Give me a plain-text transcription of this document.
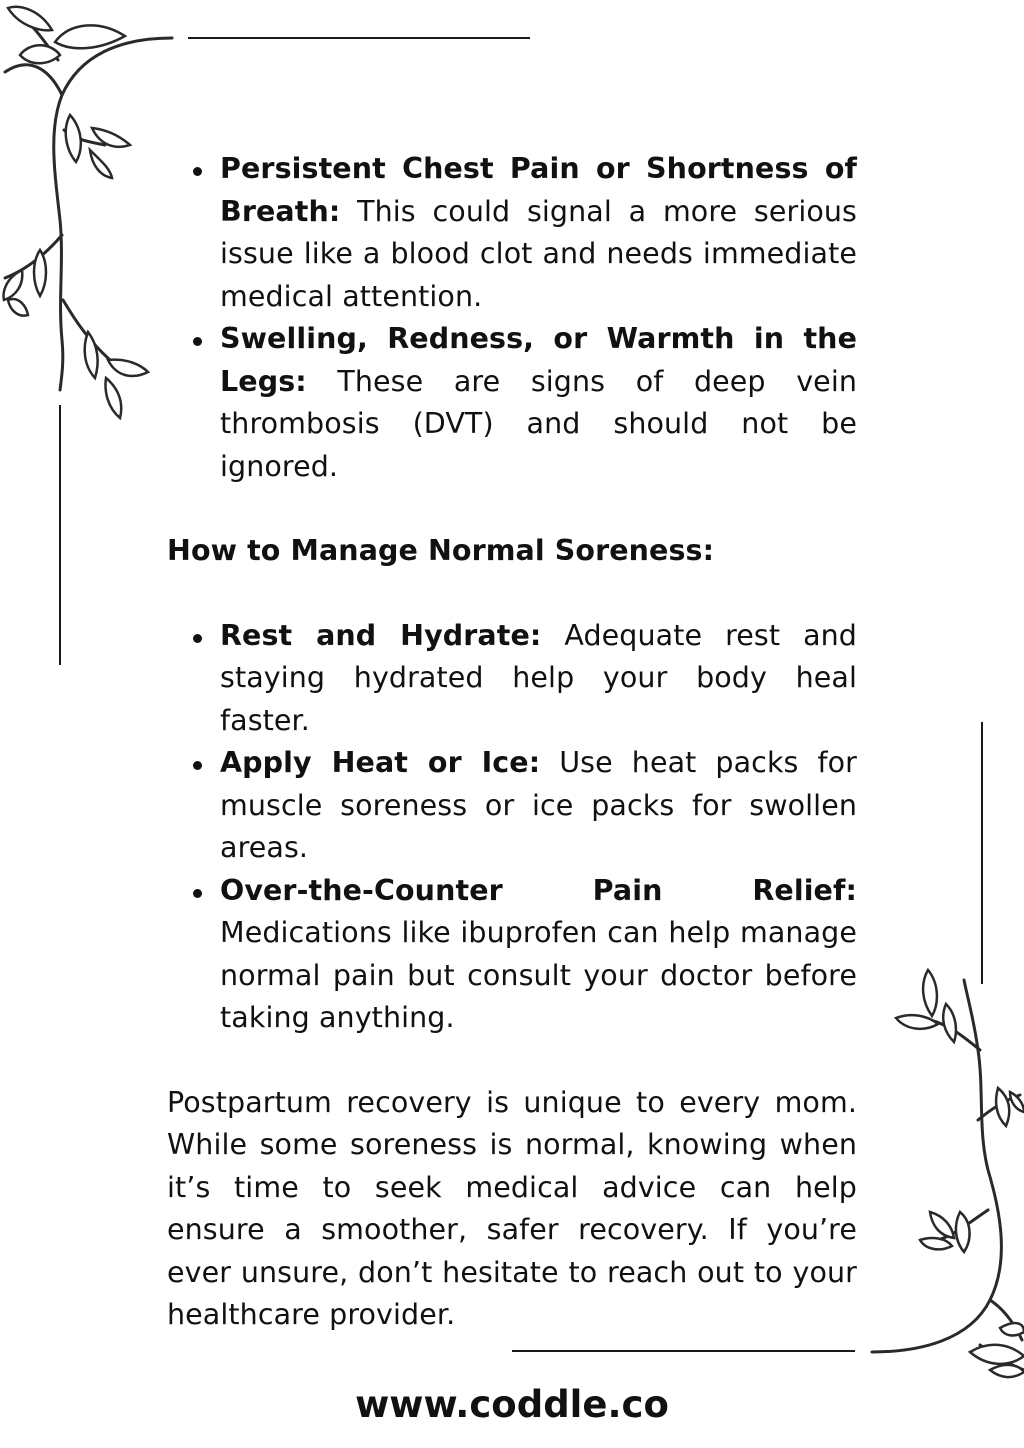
Persistent Chest Pain or Shortness of Breath: This could signal a more serious issue like a blood clot and needs immediate medical attention.
Swelling, Redness, or Warmth in the Legs: These are signs of deep vein thrombosis (DVT) and should not be ignored.
How to Manage Normal Soreness:
Rest and Hydrate: Adequate rest and staying hydrated help your body heal faster.
Apply Heat or Ice: Use heat packs for muscle soreness or ice packs for swollen areas.
Over-the-Counter Pain Relief: Medications like ibuprofen can help manage normal pain but consult your doctor before taking anything.

Postpartum recovery is unique to every mom. While some soreness is normal, knowing when it’s time to seek medical advice can help ensure a smoother, safer recovery. If you’re ever unsure, don’t hesitate to reach out to your healthcare provider.

www.coddle.co
